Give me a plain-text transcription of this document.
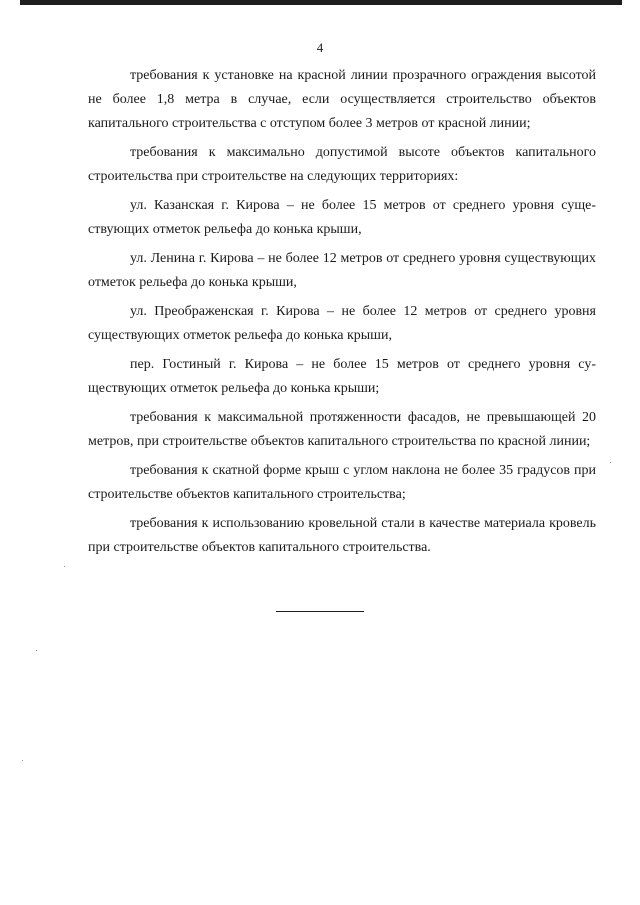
4

требования к установке на красной линии прозрачного ограждения высотой не более 1,8 метра в случае, если осуществляется строительство объектов капитального строительства с отступом более 3 метров от красной линии;

требования к максимально допустимой высоте объектов капитального строительства при строительстве на следующих территориях:

ул. Казанская г. Кирова – не более 15 метров от среднего уровня существующих отметок рельефа до конька крыши,

ул. Ленина г. Кирова – не более 12 метров от среднего уровня существующих отметок рельефа до конька крыши,

ул. Преображенская г. Кирова – не более 12 метров от среднего уровня существующих отметок рельефа до конька крыши,

пер. Гостиный г. Кирова – не более 15 метров от среднего уровня существующих отметок рельефа до конька крыши;

требования к максимальной протяженности фасадов, не превышающей 20 метров, при строительстве объектов капитального строительства по красной линии;

требования к скатной форме крыш с углом наклона не более 35 градусов при строительстве объектов капитального строительства;

требования к использованию кровельной стали в качестве материала кровель при строительстве объектов капитального строительства.
